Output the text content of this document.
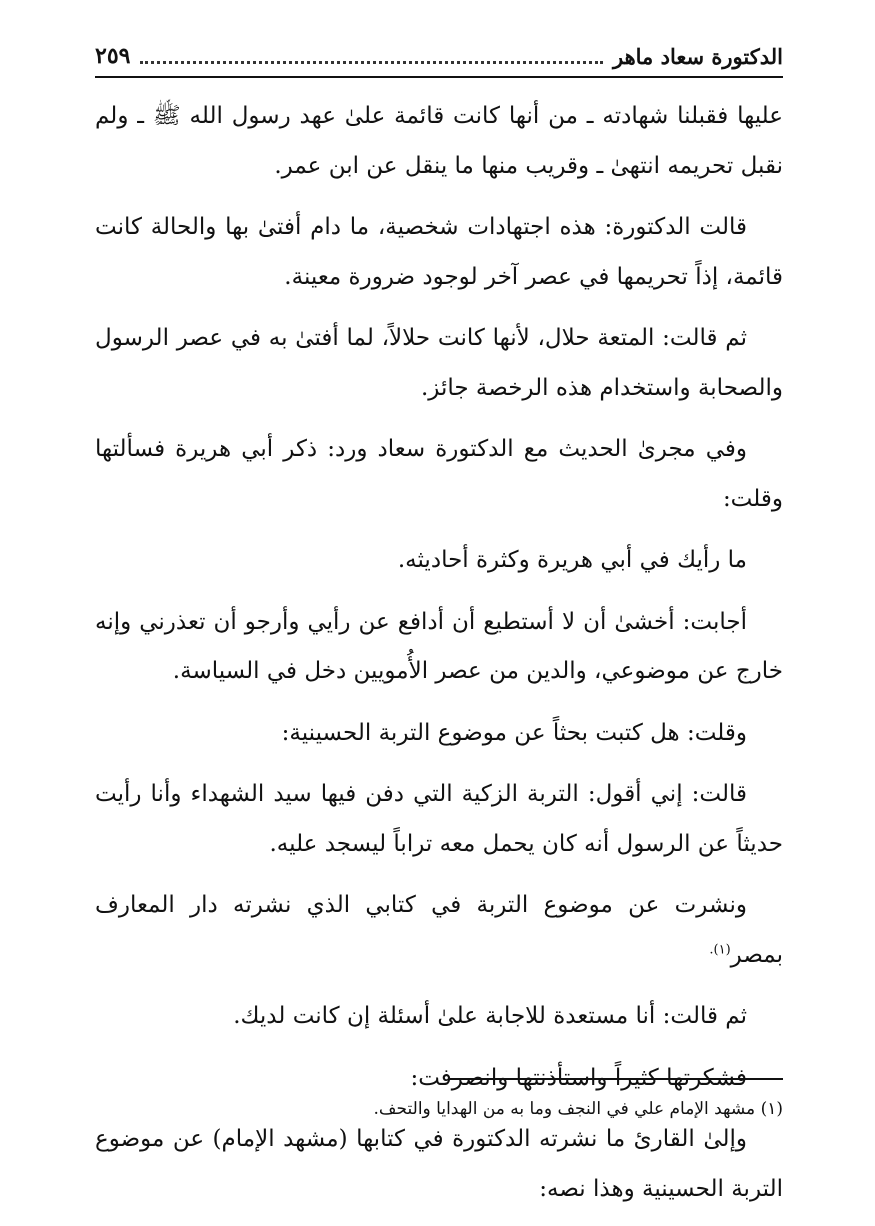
الدكتورة سعاد ماهر
٢٥٩

عليها فقبلنا شهادته ـ من أنها كانت قائمة علىٰ عهد رسول الله ﷺ ـ ولم نقبل تحريمه انتهىٰ ـ وقريب منها ما ينقل عن ابن عمر.

قالت الدكتورة: هذه اجتهادات شخصية، ما دام أفتىٰ بها والحالة كانت قائمة، إذاً تحريمها في عصر آخر لوجود ضرورة معينة.

ثم قالت: المتعة حلال، لأنها كانت حلالاً، لما أفتىٰ به في عصر الرسول والصحابة واستخدام هذه الرخصة جائز.

وفي مجرىٰ الحديث مع الدكتورة سعاد ورد: ذكر أبي هريرة فسألتها وقلت:

ما رأيك في أبي هريرة وكثرة أحاديثه.

أجابت: أخشىٰ أن لا أستطيع أن أدافع عن رأيي وأرجو أن تعذرني وإنه خارج عن موضوعي، والدين من عصر الأُمويين دخل في السياسة.

وقلت: هل كتبت بحثاً عن موضوع التربة الحسينية:

قالت: إني أقول: التربة الزكية التي دفن فيها سيد الشهداء وأنا رأيت حديثاً عن الرسول أنه كان يحمل معه تراباً ليسجد عليه.

ونشرت عن موضوع التربة في كتابي الذي نشرته دار المعارف بمصر$^{(١).}$

ثم قالت: أنا مستعدة للاجابة علىٰ أسئلة إن كانت لديك.

فشكرتها كثيراً واستأذنتها وانصرفت:

وإلىٰ القارئ ما نشرته الدكتورة في كتابها (مشهد الإمام) عن موضوع التربة الحسينية وهذا نصه:

(١) مشهد الإمام علي في النجف وما به من الهدايا والتحف.
